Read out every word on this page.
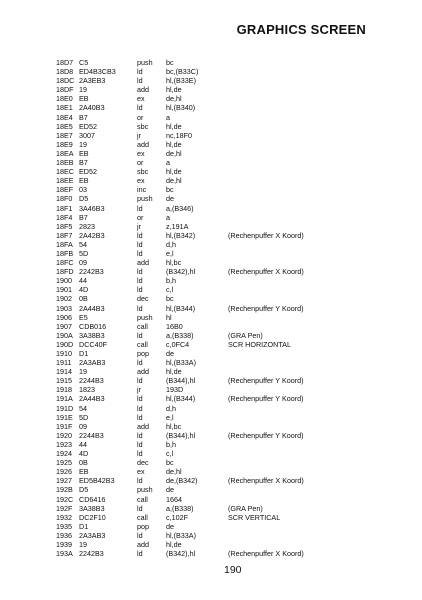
GRAPHICS SCREEN
18D7 C5	push bc
18D8 ED4B3CB3	ld	bc,(B33C)
18DC 2A3EB3	ld	hl,(B33E)
18DF 19	add hl,de
18E0 EB	ex	de,hl
18E1 2A40B3	ld	hl,(B340)
18E4 B7	or	a
18E5 ED52	sbc hl,de
18E7 3007	jr	nc,18F0
18E9 19	add hl,de
18EA EB	ex	de,hl
18EB B7	or	a
18EC ED52	sbc hl,de
18EE EB	ex	de,hl
18EF 03	inc	bc
18F0 D5	push de
18F1 3A46B3	ld	a,(B346)
18F4 B7	or	a
18F5 2823	jr	z,191A
18F7 2A42B3	ld	hl,(B342)	(Rechenpuffer X Koord)
18FA 54	ld	d,h
18FB 5D	ld	e,l
18FC 09	add hl,bc
18FD 2242B3	ld	(B342),hl	(Rechenpuffer X Koord)
1900 44	ld	b,h
1901 4D	ld	c,l
1902 0B	dec bc
1903 2A44B3	ld	hl,(B344)	(Rechenpuffer Y Koord)
1906 E5	push hl
1907 CDB016	call	16B0
190A 3A38B3	ld	a,(B338)	(GRA Pen)
190D DCC40F	call	c,0FC4	SCR HORIZONTAL
1910 D1	pop de
1911 2A3AB3	ld	hl,(B33A)
1914 19	add hl,de
1915 2244B3	ld	(B344),hl	(Rechenpuffer Y Koord)
1918 1823	jr	193D
191A 2A44B3	ld	hl,(B344)	(Rechenpuffer Y Koord)
191D 54	ld	d,h
191E 5D	ld	e,l
191F 09	add hl,bc
1920 2244B3	ld	(B344),hl	(Rechenpuffer Y Koord)
1923 44	ld	b,h
1924 4D	ld	c,l
1925 0B	dec bc
1926 EB	ex	de,hl
1927 ED5B42B3	ld	de,(B342)	(Rechenpuffer X Koord)
192B D5	push de
192C CD6416	call	1664
192F 3A38B3	ld	a,(B338)	(GRA Pen)
1932 DC2F10	call	c,102F	SCR VERTICAL
1935 D1	pop de
1936 2A3AB3	ld	hl,(B33A)
1939 19	add hl,de
193A 2242B3	ld	(B342),hl	(Rechenpuffer X Koord)
190
